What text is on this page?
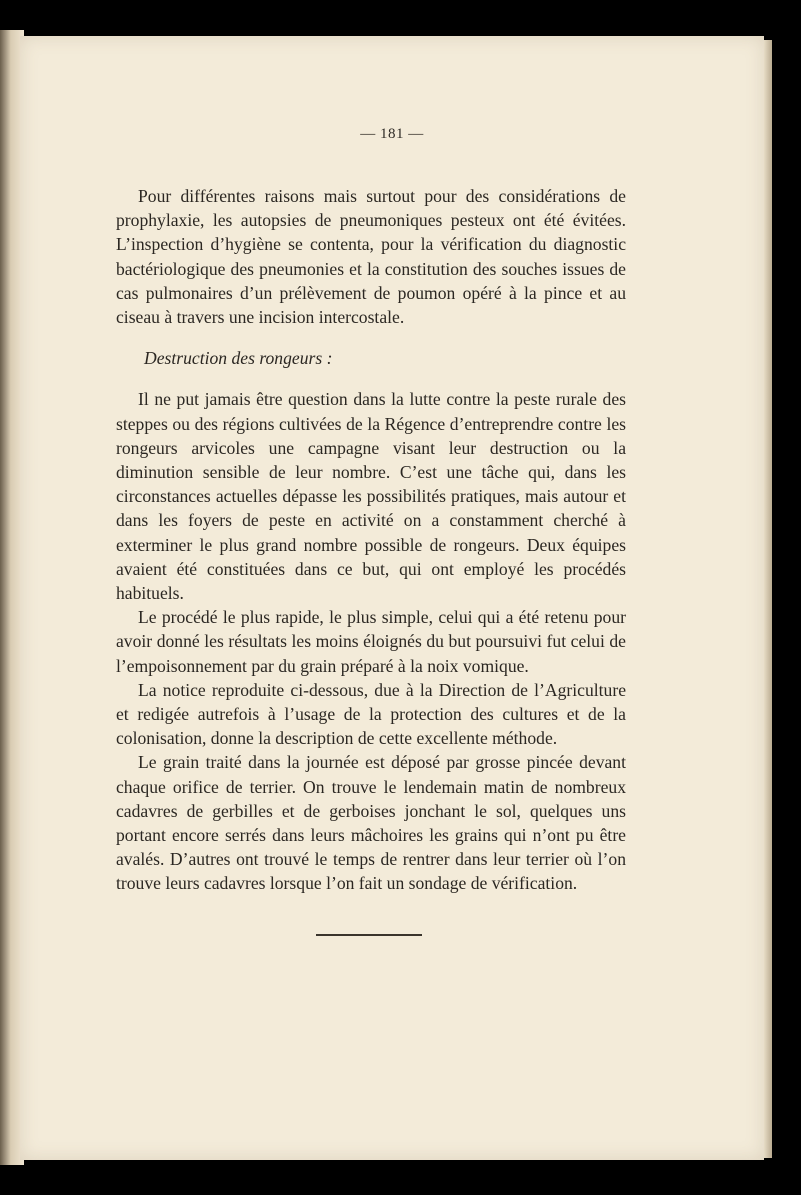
— 181 —

Pour différentes raisons mais surtout pour des considérations de prophylaxie, les autopsies de pneumoniques pesteux ont été évitées. L’inspection d’hygiène se contenta, pour la vérification du diagnostic bactériologique des pneumonies et la constitution des souches issues de cas pulmonaires d’un prélèvement de poumon opéré à la pince et au ciseau à travers une incision intercostale.

Destruction des rongeurs :

Il ne put jamais être question dans la lutte contre la peste rurale des steppes ou des régions cultivées de la Régence d’entreprendre contre les rongeurs arvicoles une campagne visant leur destruction ou la diminution sensible de leur nombre. C’est une tâche qui, dans les circonstances actuelles dépasse les possibilités pratiques, mais autour et dans les foyers de peste en activité on a constamment cherché à exterminer le plus grand nombre possible de rongeurs. Deux équipes avaient été constituées dans ce but, qui ont employé les procédés habituels.

Le procédé le plus rapide, le plus simple, celui qui a été retenu pour avoir donné les résultats les moins éloignés du but poursuivi fut celui de l’empoisonnement par du grain préparé à la noix vomique.

La notice reproduite ci-dessous, due à la Direction de l’Agriculture et redigée autrefois à l’usage de la protection des cultures et de la colonisation, donne la description de cette excellente méthode.

Le grain traité dans la journée est déposé par grosse pincée devant chaque orifice de terrier. On trouve le lendemain matin de nombreux cadavres de gerbilles et de gerboises jonchant le sol, quelques uns portant encore serrés dans leurs mâchoires les grains qui n’ont pu être avalés. D’autres ont trouvé le temps de rentrer dans leur terrier où l’on trouve leurs cadavres lorsque l’on fait un sondage de vérification.
